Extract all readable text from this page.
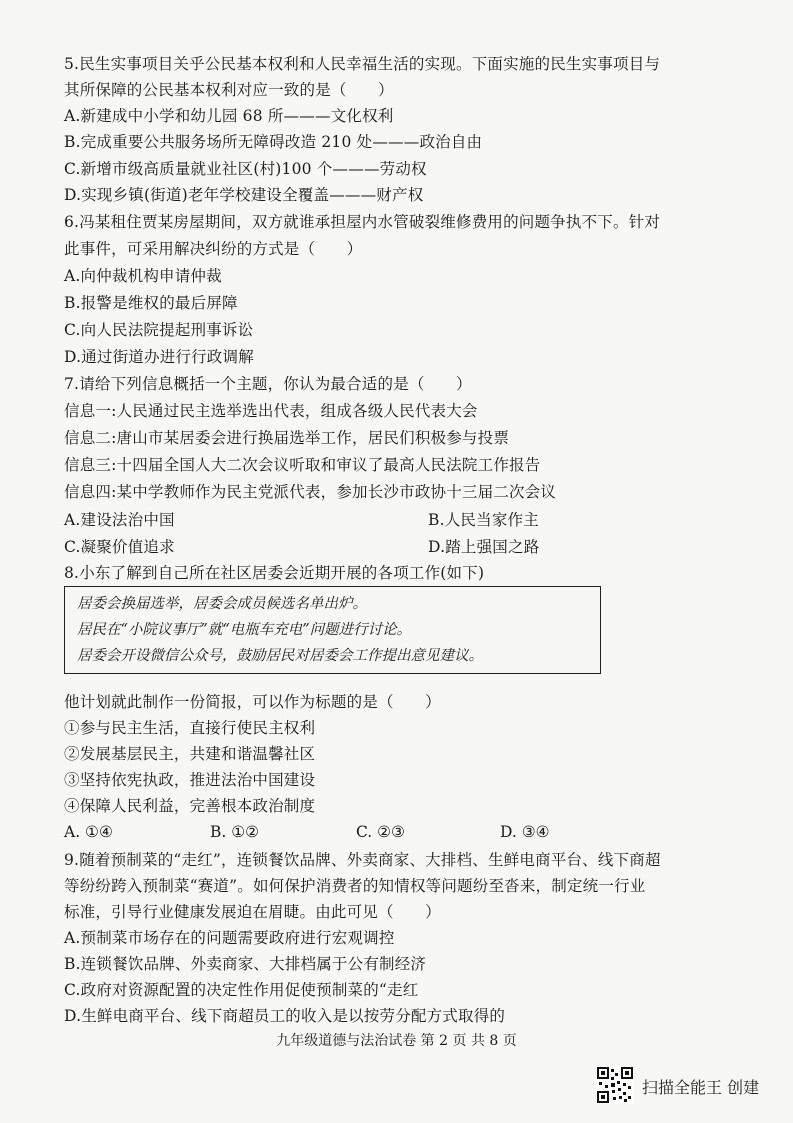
5.民生实事项目关乎公民基本权利和人民幸福生活的实现。下面实施的民生实事项目与
其所保障的公民基本权利对应一致的是（　　）
A.新建成中小学和幼儿园 68 所———文化权利
B.完成重要公共服务场所无障碍改造 210 处———政治自由
C.新增市级高质量就业社区(村)100 个———劳动权
D.实现乡镇(街道)老年学校建设全覆盖———财产权
6.冯某租住贾某房屋期间，双方就谁承担屋内水管破裂维修费用的问题争执不下。针对
此事件，可采用解决纠纷的方式是（　　）
A.向仲裁机构申请仲裁
B.报警是维权的最后屏障
C.向人民法院提起刑事诉讼
D.通过街道办进行行政调解
7.请给下列信息概括一个主题，你认为最合适的是（　　）
信息一:人民通过民主选举选出代表，组成各级人民代表大会
信息二:唐山市某居委会进行换届选举工作，居民们积极参与投票
信息三:十四届全国人大二次会议听取和审议了最高人民法院工作报告
信息四:某中学教师作为民主党派代表，参加长沙市政协十三届二次会议
A.建设法治中国	B.人民当家作主
C.凝聚价值追求	D.踏上强国之路
8.小东了解到自己所在社区居委会近期开展的各项工作(如下)
居委会换届选举，居委会成员候选名单出炉。
居民在“小院议事厅”就“电瓶车充电”问题进行讨论。
居委会开设微信公众号，鼓励居民对居委会工作提出意见建议。
他计划就此制作一份简报，可以作为标题的是（　　）
①参与民主生活，直接行使民主权利
②发展基层民主，共建和谐温馨社区
③坚持依宪执政，推进法治中国建设
④保障人民利益，完善根本政治制度
A. ①④	B. ①②	C. ②③	D. ③④
9.随着预制菜的“走红”，连锁餐饮品牌、外卖商家、大排档、生鲜电商平台、线下商超
等纷纷跨入预制菜“赛道”。如何保护消费者的知情权等问题纷至沓来，制定统一行业
标准，引导行业健康发展迫在眉睫。由此可见（　　）
A.预制菜市场存在的问题需要政府进行宏观调控
B.连锁餐饮品牌、外卖商家、大排档属于公有制经济
C.政府对资源配置的决定性作用促使预制菜的“走红
D.生鲜电商平台、线下商超员工的收入是以按劳分配方式取得的
九年级道德与法治试卷 第 2 页 共 8 页
扫描全能王 创建
